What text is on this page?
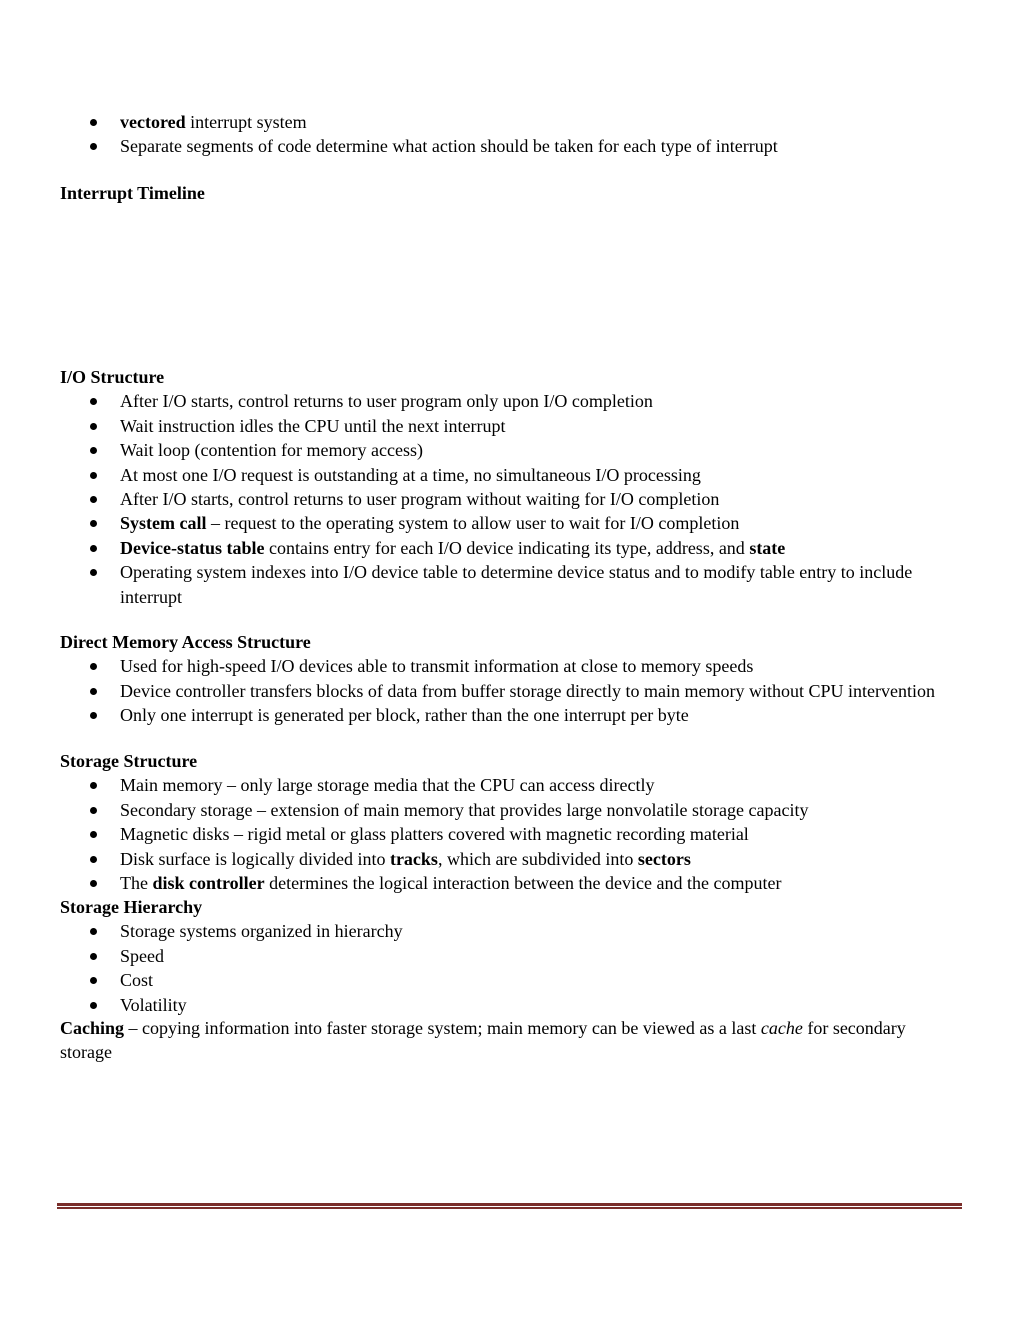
vectored interrupt system
Separate segments of code determine what action should be taken for each type of interrupt
Interrupt Timeline
I/O Structure
After I/O starts, control returns to user program only upon I/O completion
Wait instruction idles the CPU until the next interrupt
Wait loop (contention for memory access)
At most one I/O request is outstanding at a time, no simultaneous I/O processing
After I/O starts, control returns to user program without waiting for I/O completion
System call – request to the operating system to allow user to wait for I/O completion
Device-status table contains entry for each I/O device indicating its type, address, and state
Operating system indexes into I/O device table to determine device status and to modify table entry to include interrupt
Direct Memory Access Structure
Used for high-speed I/O devices able to transmit information at close to memory speeds
Device controller transfers blocks of data from buffer storage directly to main memory without CPU intervention
Only one interrupt is generated per block, rather than the one interrupt per byte
Storage Structure
Main memory – only large storage media that the CPU can access directly
Secondary storage – extension of main memory that provides large nonvolatile storage capacity
Magnetic disks – rigid metal or glass platters covered with magnetic recording material
Disk surface is logically divided into tracks, which are subdivided into sectors
The disk controller determines the logical interaction between the device and the computer
Storage Hierarchy
Storage systems organized in hierarchy
Speed
Cost
Volatility

Caching – copying information into faster storage system; main memory can be viewed as a last cache for secondary storage
